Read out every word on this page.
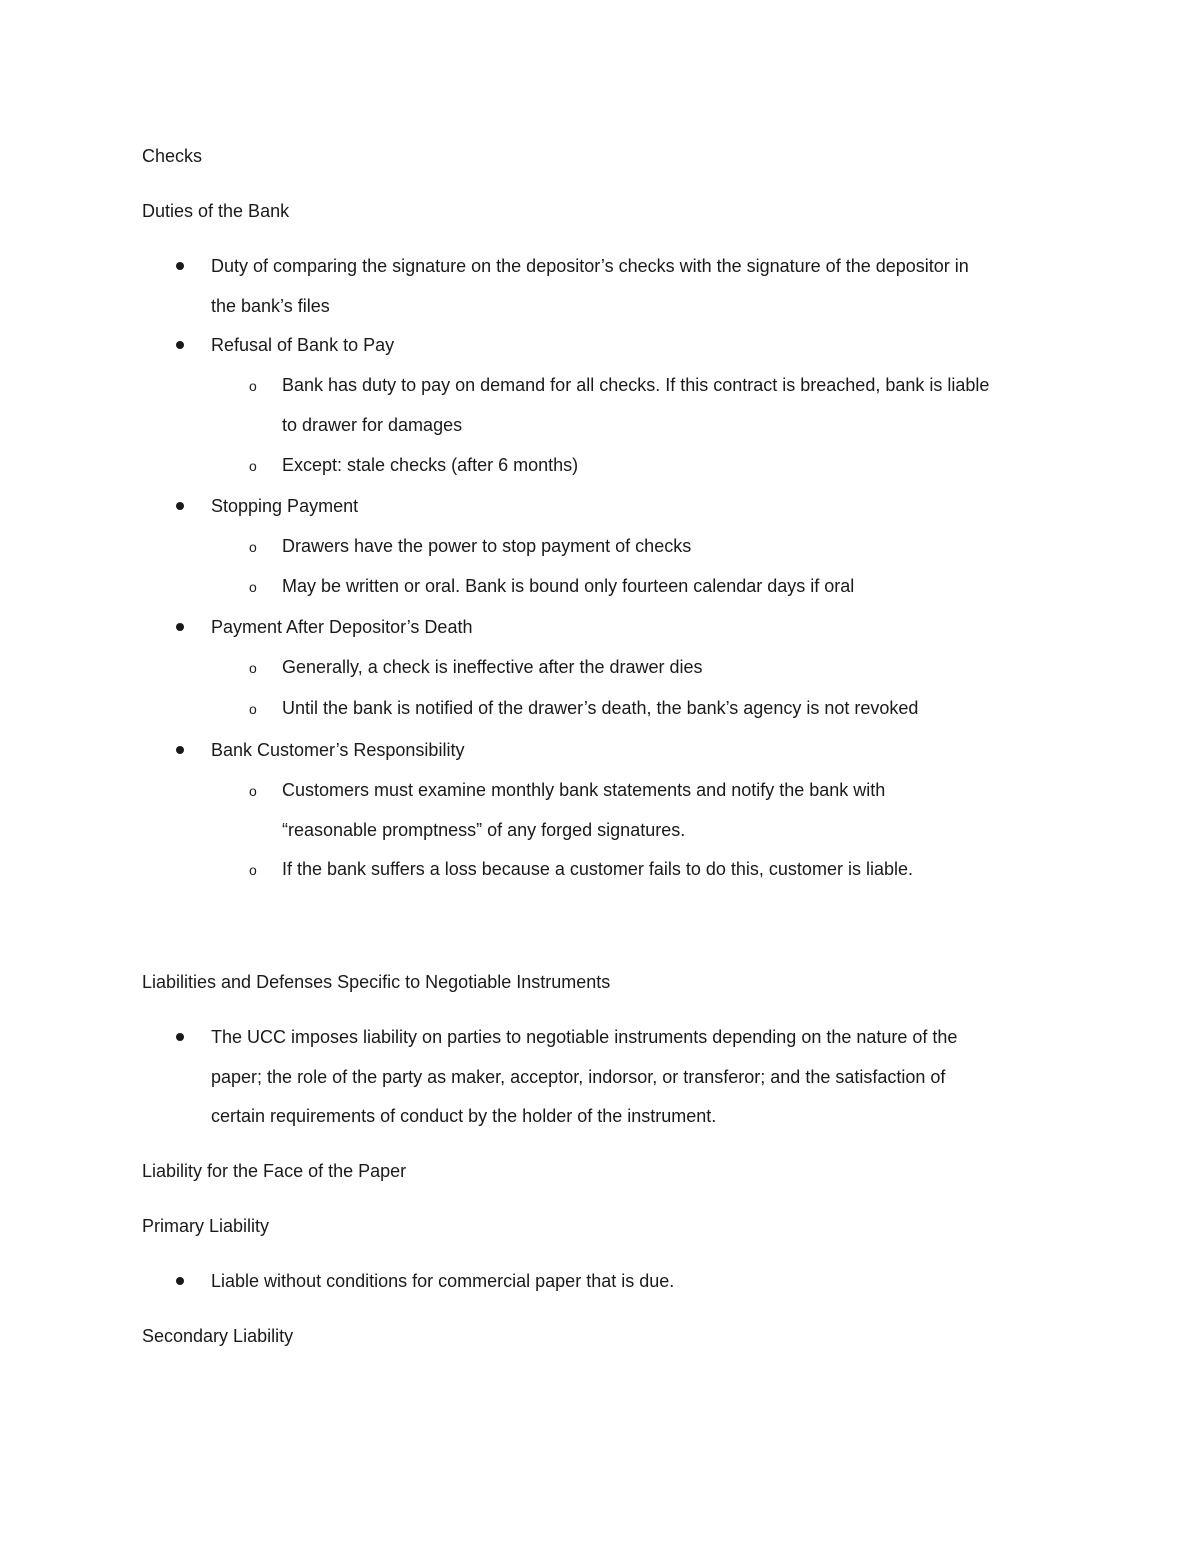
Checks
Duties of the Bank
Duty of comparing the signature on the depositor’s checks with the signature of the depositor in
the bank’s files
Refusal of Bank to Pay
o Bank has duty to pay on demand for all checks. If this contract is breached, bank is liable
to drawer for damages
o Except: stale checks (after 6 months)
Stopping Payment
o Drawers have the power to stop payment of checks
o May be written or oral. Bank is bound only fourteen calendar days if oral
Payment After Depositor’s Death
o Generally, a check is ineffective after the drawer dies
o Until the bank is notified of the drawer’s death, the bank’s agency is not revoked
Bank Customer’s Responsibility
o Customers must examine monthly bank statements and notify the bank with
“reasonable promptness” of any forged signatures.
o If the bank suffers a loss because a customer fails to do this, customer is liable.
Liabilities and Defenses Specific to Negotiable Instruments
The UCC imposes liability on parties to negotiable instruments depending on the nature of the
paper; the role of the party as maker, acceptor, indorsor, or transferor; and the satisfaction of
certain requirements of conduct by the holder of the instrument.
Liability for the Face of the Paper
Primary Liability
Liable without conditions for commercial paper that is due.
Secondary Liability
